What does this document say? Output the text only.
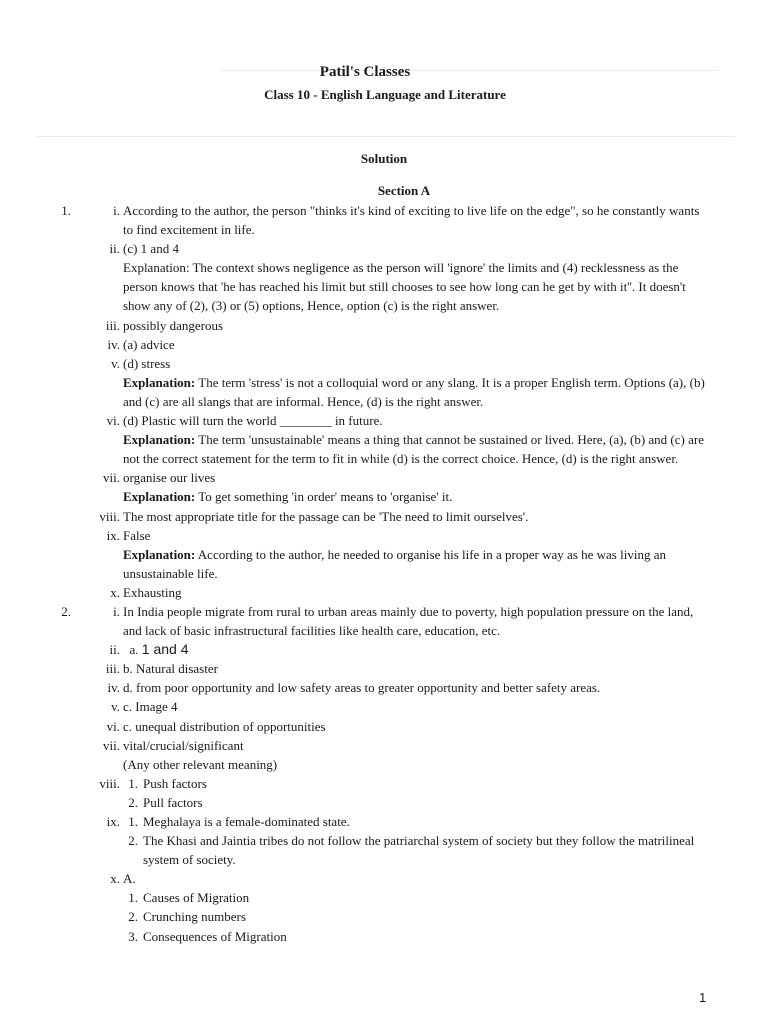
Patil's Classes
Class 10 - English Language and Literature
Solution
Section A
1.	i. According to the author, the person "thinks it's kind of exciting to live life on the edge", so he constantly wants
to find excitement in life.
ii. (c) 1 and 4
Explanation: The context shows negligence as the person will 'ignore' the limits and (4) recklessness as the
person knows that 'he has reached his limit but still chooses to see how long can he get by with it''. It doesn't
show any of (2), (3) or (5) options, Hence, option (c) is the right answer.
iii. possibly dangerous
iv. (a) advice
v. (d) stress
Explanation: The term 'stress' is not a colloquial word or any slang. It is a proper English term. Options (a), (b)
and (c) are all slangs that are informal. Hence, (d) is the right answer.
vi. (d) Plastic will turn the world ________ in future.
Explanation: The term 'unsustainable' means a thing that cannot be sustained or lived. Here, (a), (b) and (c) are
not the correct statement for the term to fit in while (d) is the correct choice. Hence, (d) is the right answer.
vii. organise our lives
Explanation: To get something 'in order' means to 'organise' it.
viii. The most appropriate title for the passage can be 'The need to limit ourselves'.
ix. False
Explanation: According to the author, he needed to organise his life in a proper way as he was living an
unsustainable life.
x. Exhausting
2.	i. In India people migrate from rural to urban areas mainly due to poverty, high population pressure on the land,
and lack of basic infrastructural facilities like health care, education, etc.
ii. a. 1 and 4
iii. b. Natural disaster
iv. d. from poor opportunity and low safety areas to greater opportunity and better safety areas.
v. c. Image 4
vi. c. unequal distribution of opportunities
vii. vital/crucial/significant
(Any other relevant meaning)
viii. 1. Push factors
2. Pull factors
ix. 1. Meghalaya is a female-dominated state.
2. The Khasi and Jaintia tribes do not follow the patriarchal system of society but they follow the matrilineal
system of society.
x. A.
1. Causes of Migration
2. Crunching numbers
3. Consequences of Migration
1
